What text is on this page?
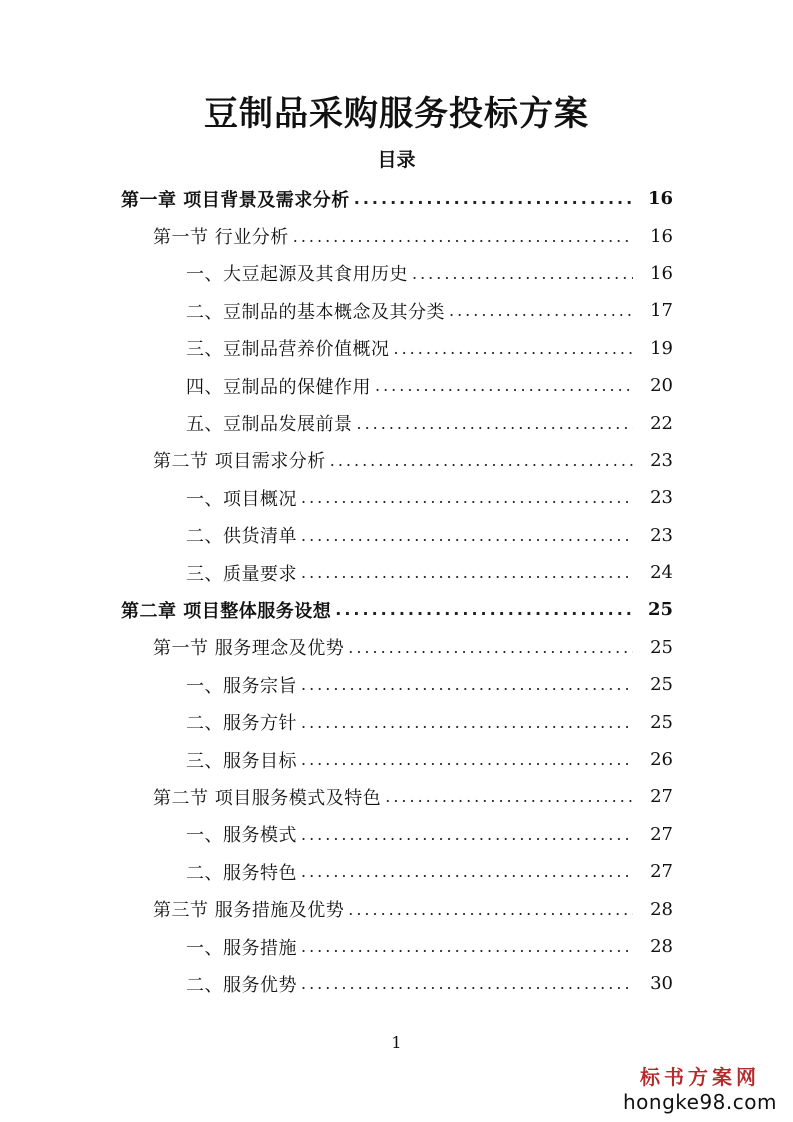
豆制品采购服务投标方案
目录
第一章 项目背景及需求分析 .....	16
第一节 行业分析 .....	16
一、大豆起源及其食用历史 .....	16
二、豆制品的基本概念及其分类 .....	17
三、豆制品营养价值概况 .....	19
四、豆制品的保健作用 .....	20
五、豆制品发展前景 .....	22
第二节 项目需求分析 .....	23
一、项目概况 .....	23
二、供货清单 .....	23
三、质量要求 .....	24
第二章 项目整体服务设想 .....	25
第一节 服务理念及优势 .....	25
一、服务宗旨 .....	25
二、服务方针 .....	25
三、服务目标 .....	26
第二节 项目服务模式及特色 .....	27
一、服务模式 .....	27
二、服务特色 .....	27
第三节 服务措施及优势 .....	28
一、服务措施 .....	28
二、服务优势 .....	30
1
标书方案网
hongke98.com
